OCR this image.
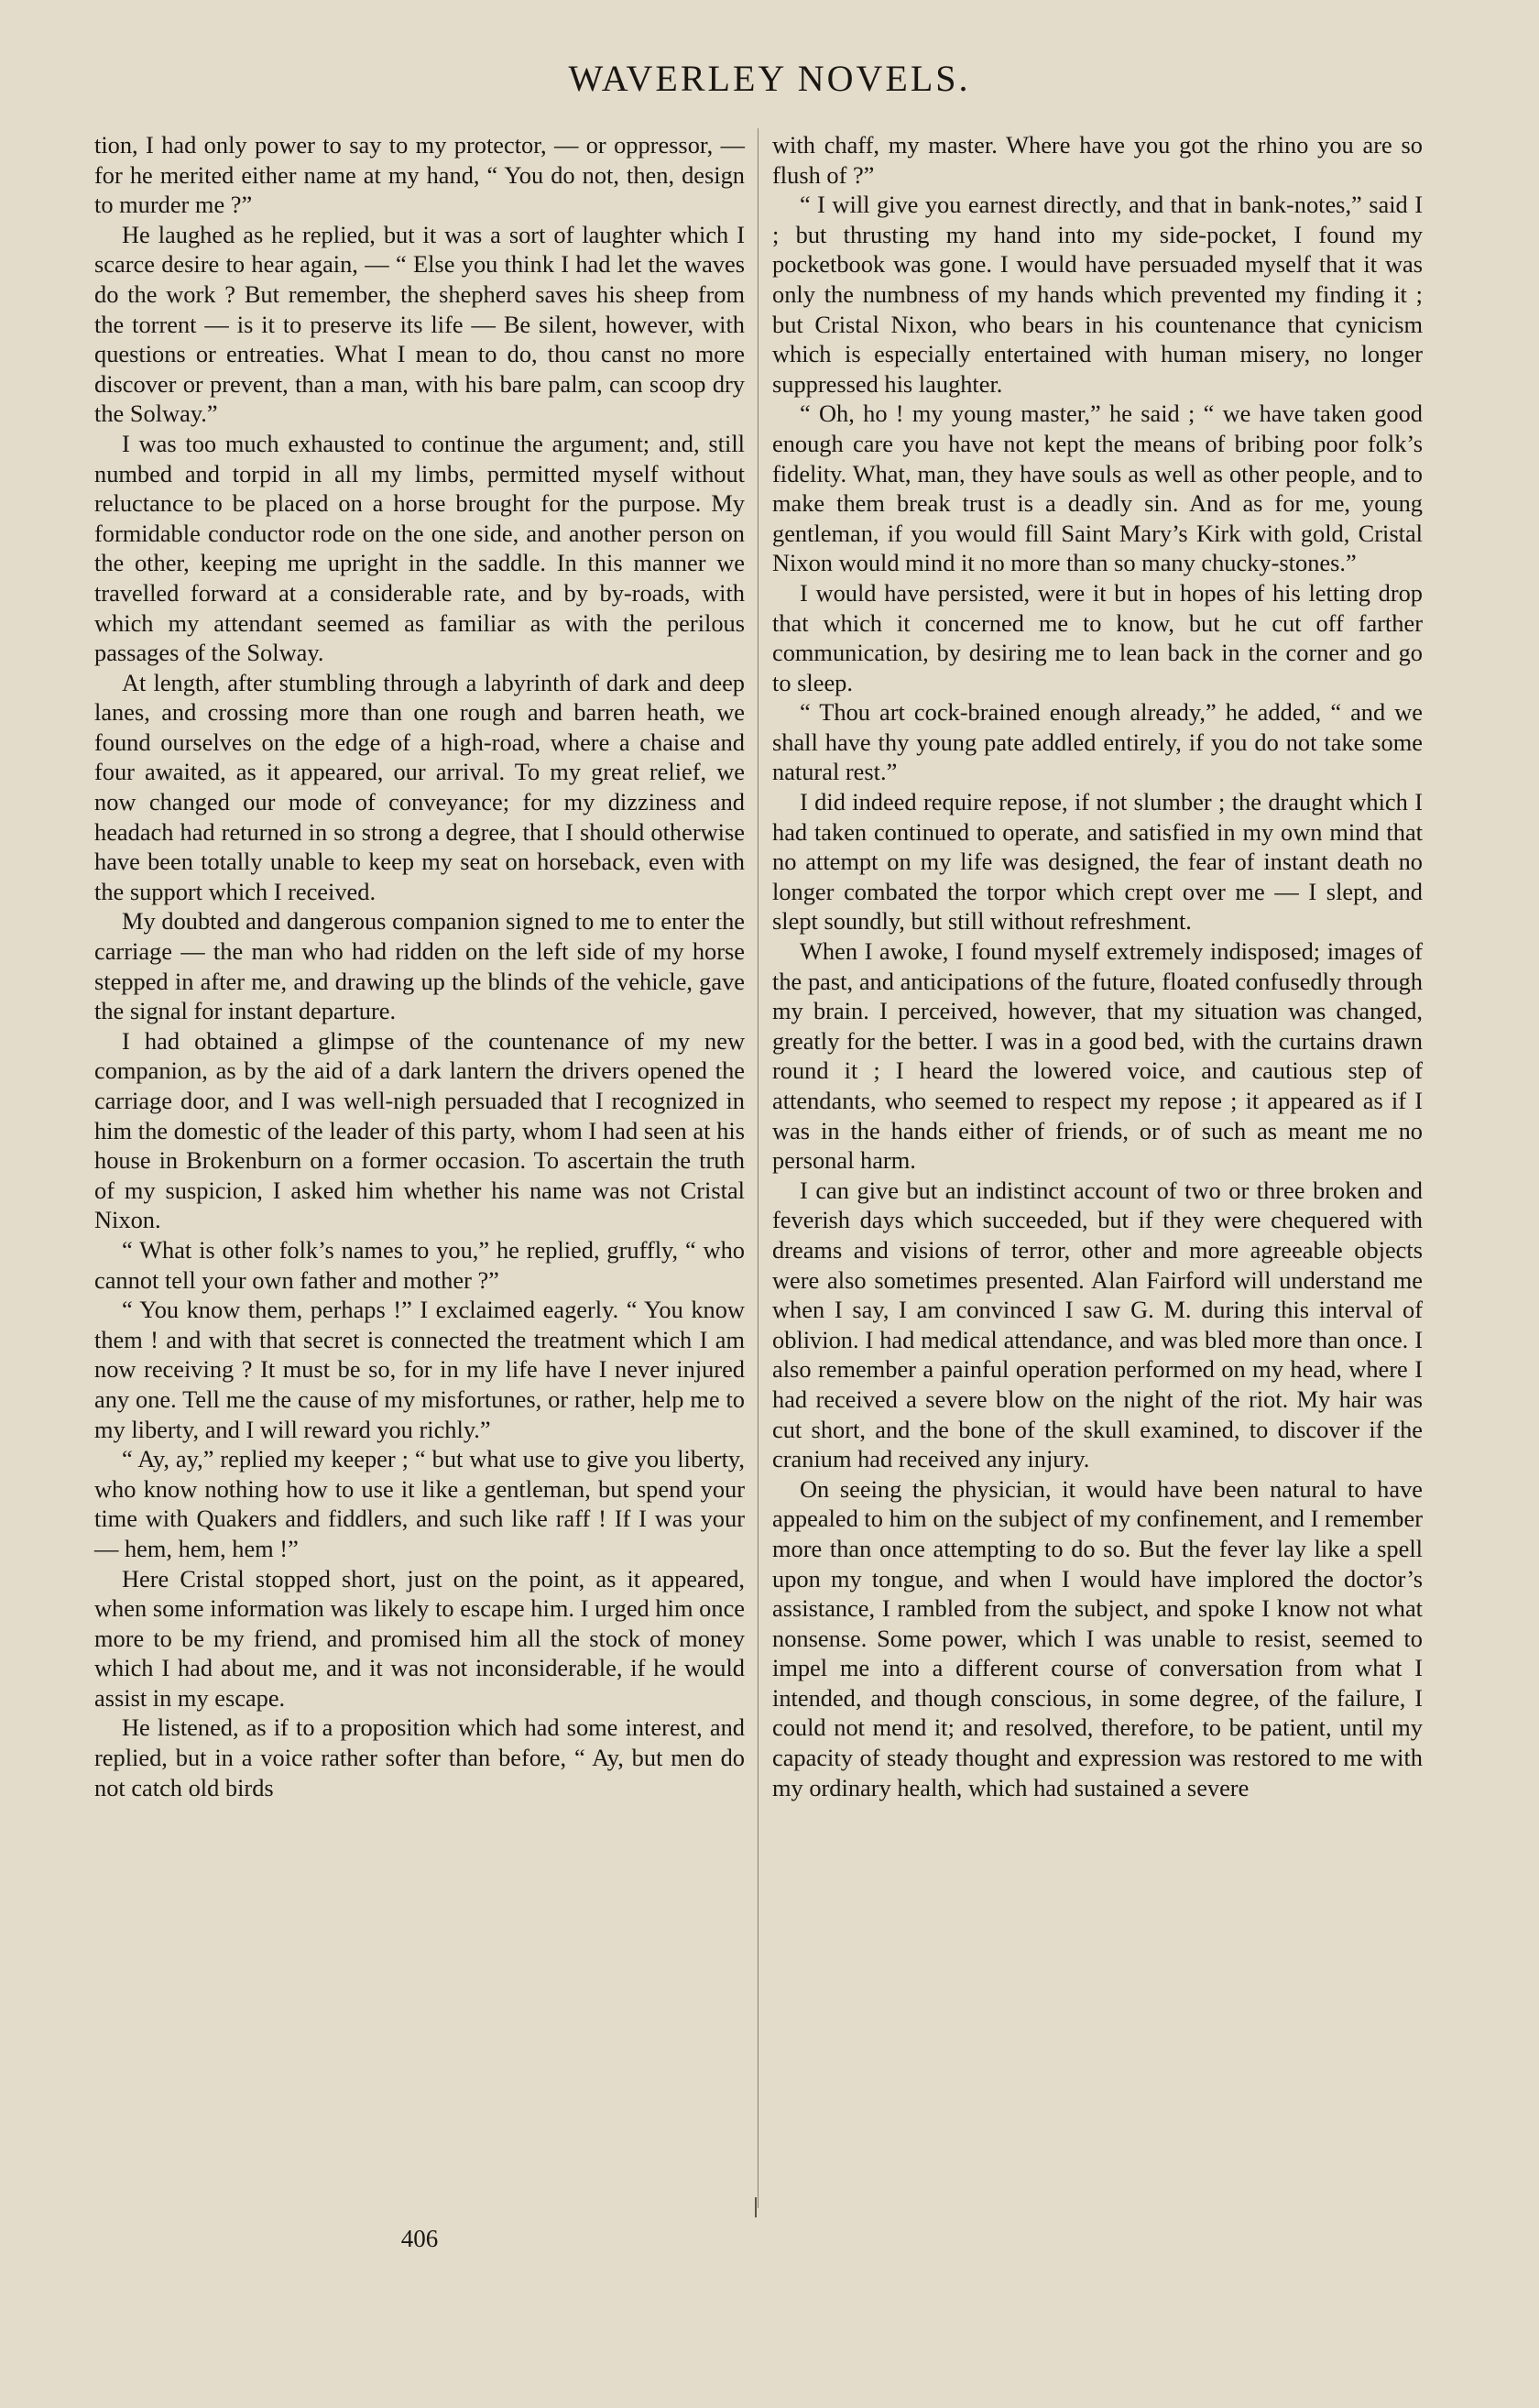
WAVERLEY NOVELS.

tion, I had only power to say to my protector, — or oppressor, — for he merited either name at my hand, “ You do not, then, design to murder me ?”

He laughed as he replied, but it was a sort of laughter which I scarce desire to hear again, — “ Else you think I had let the waves do the work ? But remember, the shepherd saves his sheep from the torrent — is it to preserve its life — Be silent, however, with questions or entreaties. What I mean to do, thou canst no more discover or prevent, than a man, with his bare palm, can scoop dry the Solway.”

I was too much exhausted to continue the argument; and, still numbed and torpid in all my limbs, permitted myself without reluctance to be placed on a horse brought for the purpose. My formidable conductor rode on the one side, and another person on the other, keeping me upright in the saddle. In this manner we travelled forward at a considerable rate, and by by-roads, with which my attendant seemed as familiar as with the perilous passages of the Solway.

At length, after stumbling through a labyrinth of dark and deep lanes, and crossing more than one rough and barren heath, we found ourselves on the edge of a high-road, where a chaise and four awaited, as it appeared, our arrival. To my great relief, we now changed our mode of conveyance; for my dizziness and headach had returned in so strong a degree, that I should otherwise have been totally unable to keep my seat on horseback, even with the support which I received.

My doubted and dangerous companion signed to me to enter the carriage — the man who had ridden on the left side of my horse stepped in after me, and drawing up the blinds of the vehicle, gave the signal for instant departure.

I had obtained a glimpse of the countenance of my new companion, as by the aid of a dark lantern the drivers opened the carriage door, and I was well-nigh persuaded that I recognized in him the domestic of the leader of this party, whom I had seen at his house in Brokenburn on a former occasion. To ascertain the truth of my suspicion, I asked him whether his name was not Cristal Nixon.

“ What is other folk’s names to you,” he replied, gruffly, “ who cannot tell your own father and mother ?”

“ You know them, perhaps !” I exclaimed eagerly. “ You know them ! and with that secret is connected the treatment which I am now receiving ? It must be so, for in my life have I never injured any one. Tell me the cause of my misfortunes, or rather, help me to my liberty, and I will reward you richly.”

“ Ay, ay,” replied my keeper ; “ but what use to give you liberty, who know nothing how to use it like a gentleman, but spend your time with Quakers and fiddlers, and such like raff ! If I was your — hem, hem, hem !”

Here Cristal stopped short, just on the point, as it appeared, when some information was likely to escape him. I urged him once more to be my friend, and promised him all the stock of money which I had about me, and it was not inconsiderable, if he would assist in my escape.

He listened, as if to a proposition which had some interest, and replied, but in a voice rather softer than before, “ Ay, but men do not catch old birds

with chaff, my master. Where have you got the rhino you are so flush of ?”

“ I will give you earnest directly, and that in bank-notes,” said I ; but thrusting my hand into my side-pocket, I found my pocketbook was gone. I would have persuaded myself that it was only the numbness of my hands which prevented my finding it ; but Cristal Nixon, who bears in his countenance that cynicism which is especially entertained with human misery, no longer suppressed his laughter.

“ Oh, ho ! my young master,” he said ; “ we have taken good enough care you have not kept the means of bribing poor folk’s fidelity. What, man, they have souls as well as other people, and to make them break trust is a deadly sin. And as for me, young gentleman, if you would fill Saint Mary’s Kirk with gold, Cristal Nixon would mind it no more than so many chucky-stones.”

I would have persisted, were it but in hopes of his letting drop that which it concerned me to know, but he cut off farther communication, by desiring me to lean back in the corner and go to sleep.

“ Thou art cock-brained enough already,” he added, “ and we shall have thy young pate addled entirely, if you do not take some natural rest.”

I did indeed require repose, if not slumber ; the draught which I had taken continued to operate, and satisfied in my own mind that no attempt on my life was designed, the fear of instant death no longer combated the torpor which crept over me — I slept, and slept soundly, but still without refreshment.

When I awoke, I found myself extremely indisposed; images of the past, and anticipations of the future, floated confusedly through my brain. I perceived, however, that my situation was changed, greatly for the better. I was in a good bed, with the curtains drawn round it ; I heard the lowered voice, and cautious step of attendants, who seemed to respect my repose ; it appeared as if I was in the hands either of friends, or of such as meant me no personal harm.

I can give but an indistinct account of two or three broken and feverish days which succeeded, but if they were chequered with dreams and visions of terror, other and more agreeable objects were also sometimes presented. Alan Fairford will understand me when I say, I am convinced I saw G. M. during this interval of oblivion. I had medical attendance, and was bled more than once. I also remember a painful operation performed on my head, where I had received a severe blow on the night of the riot. My hair was cut short, and the bone of the skull examined, to discover if the cranium had received any injury.

On seeing the physician, it would have been natural to have appealed to him on the subject of my confinement, and I remember more than once attempting to do so. But the fever lay like a spell upon my tongue, and when I would have implored the doctor’s assistance, I rambled from the subject, and spoke I know not what nonsense. Some power, which I was unable to resist, seemed to impel me into a different course of conversation from what I intended, and though conscious, in some degree, of the failure, I could not mend it; and resolved, therefore, to be patient, until my capacity of steady thought and expression was restored to me with my ordinary health, which had sustained a severe

406
